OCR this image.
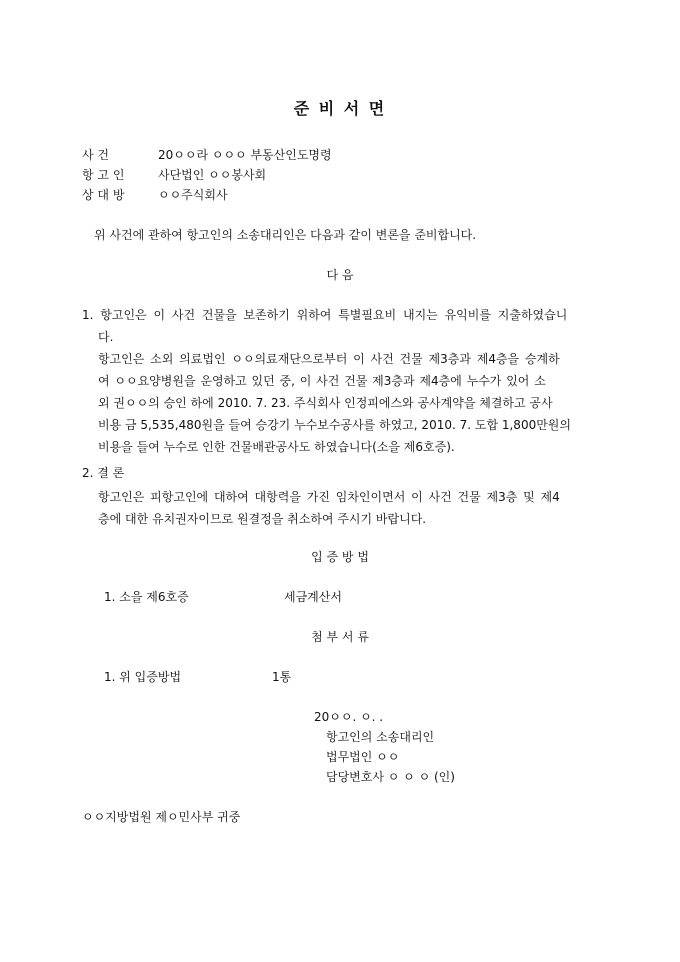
준 비 서 면
사 건	20ㅇㅇ라 ㅇㅇㅇ 부동산인도명령
항 고 인	사단법인 ㅇㅇ봉사회
상 대 방	ㅇㅇ주식회사
위 사건에 관하여 항고인의 소송대리인은 다음과 같이 변론을 준비합니다.
다 음
1. 항고인은 이 사건 건물을 보존하기 위하여 특별필요비 내지는 유익비를 지출하였습니
다.
항고인은 소외 의료법인 ㅇㅇ의료재단으로부터 이 사건 건물 제3층과 제4층을 승계하
여 ㅇㅇ요양병원을 운영하고 있던 중, 이 사건 건물 제3층과 제4층에 누수가 있어 소
외 권ㅇㅇ의 승인 하에 2010. 7. 23. 주식회사 인정피에스와 공사계약을 체결하고 공사
비용 금 5,535,480원을 들여 승강기 누수보수공사를 하였고, 2010. 7. 도합 1,800만원의
비용을 들여 누수로 인한 건물배관공사도 하였습니다(소을 제6호증).
2. 결 론
항고인은 피항고인에 대하여 대항력을 가진 임차인이면서 이 사건 건물 제3층 및 제4
층에 대한 유치권자이므로 원결정을 취소하여 주시기 바랍니다.
입 증 방 법
1. 소을 제6호증	세금계산서
첨 부 서 류
1. 위 입증방법	1통
20ㅇㅇ. ㅇ. .
항고인의 소송대리인
법무법인 ㅇㅇ
담당변호사 ㅇ ㅇ ㅇ (인)
ㅇㅇ지방법원 제ㅇ민사부 귀중
